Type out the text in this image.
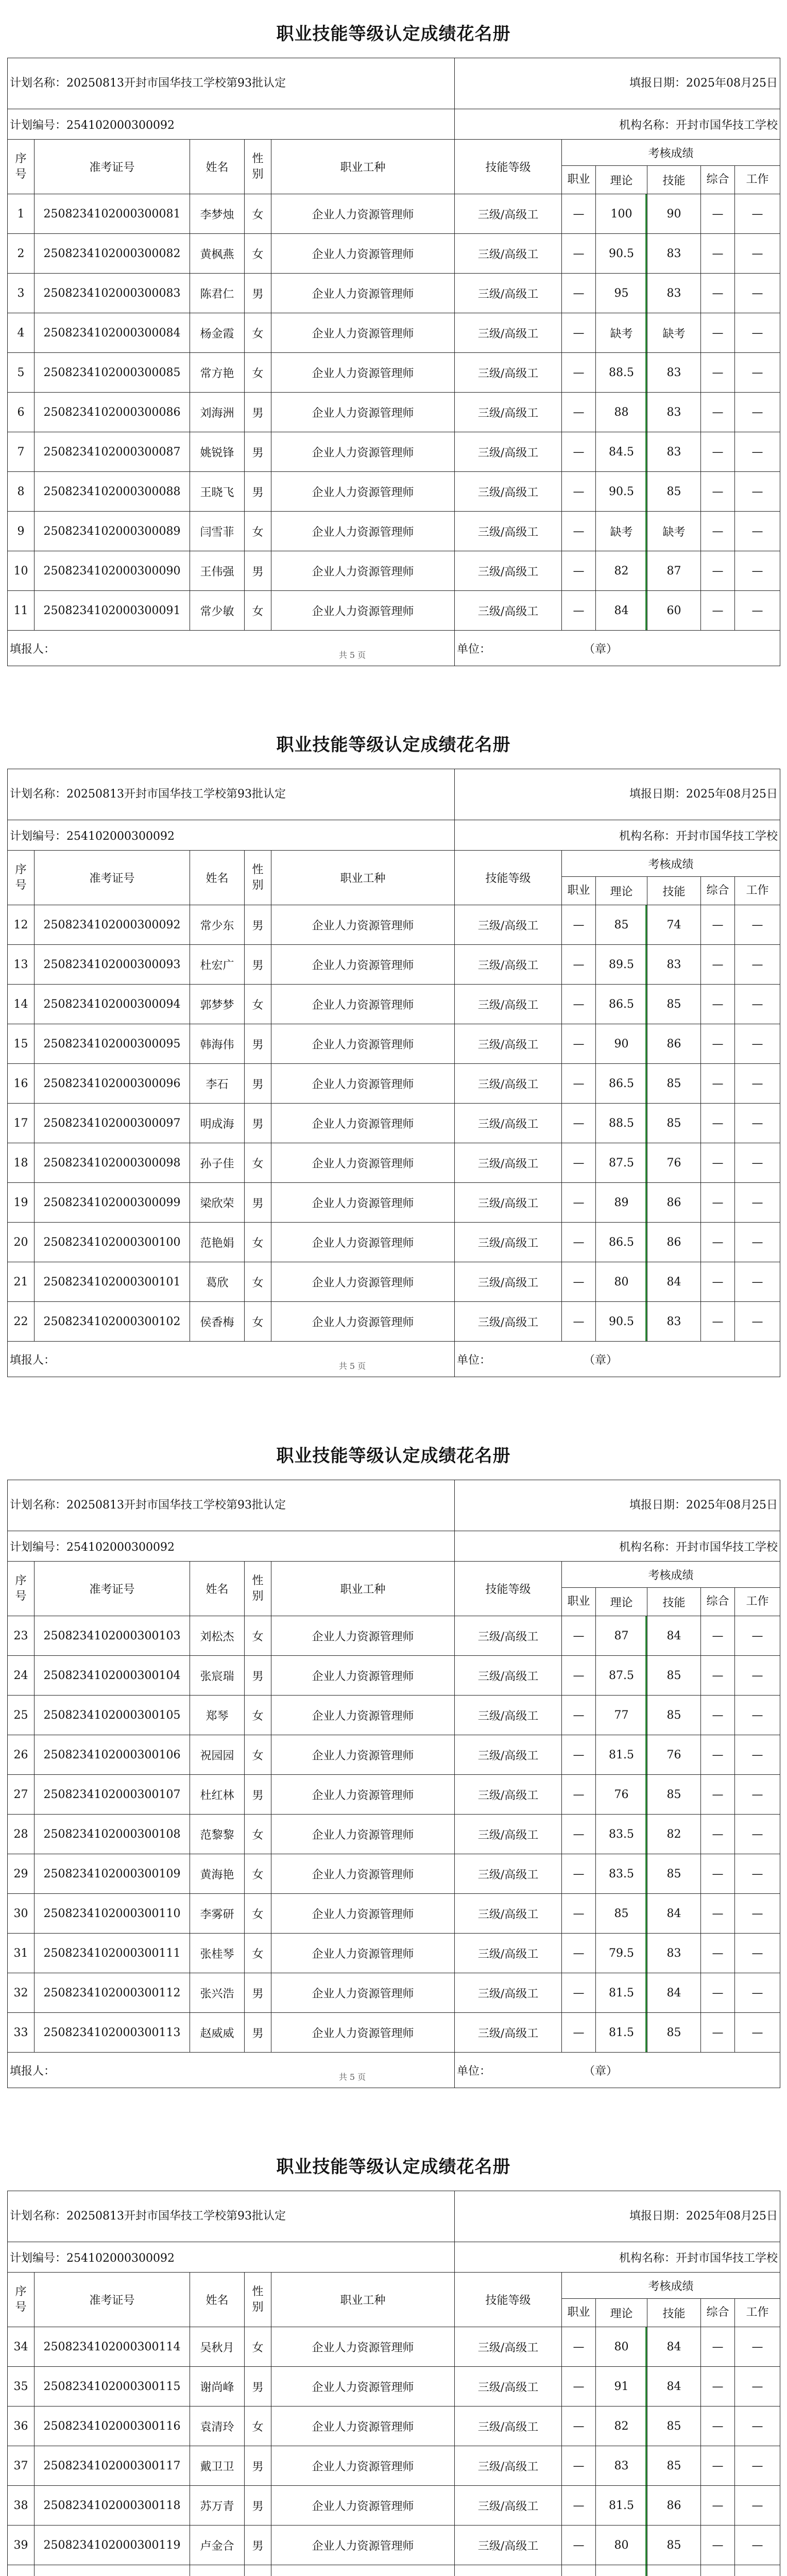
职业技能等级认定成绩花名册
计划名称：20250813开封市国华技工学校第93批认定					填报日期：2025年08月25日					
计划编号：254102000300092					机构名称：开封市国华技工学校					
序号	准考证号	姓名	性别	职业工种	技能等级	考核成绩				
						职业	理论	技能	综合	工作
1	2508234102000300081	李梦烛	女	企业人力资源管理师	三级/高级工	—	100	90	—	—
2	2508234102000300082	黄枫燕	女	企业人力资源管理师	三级/高级工	—	90.5	83	—	—
3	2508234102000300083	陈君仁	男	企业人力资源管理师	三级/高级工	—	95	83	—	—
4	2508234102000300084	杨金霞	女	企业人力资源管理师	三级/高级工	—	缺考	缺考	—	—
5	2508234102000300085	常方艳	女	企业人力资源管理师	三级/高级工	—	88.5	83	—	—
6	2508234102000300086	刘海洲	男	企业人力资源管理师	三级/高级工	—	88	83	—	—
7	2508234102000300087	姚锐锋	男	企业人力资源管理师	三级/高级工	—	84.5	83	—	—
8	2508234102000300088	王晓飞	男	企业人力资源管理师	三级/高级工	—	90.5	85	—	—
9	2508234102000300089	闫雪菲	女	企业人力资源管理师	三级/高级工	—	缺考	缺考	—	—
10	2508234102000300090	王伟强	男	企业人力资源管理师	三级/高级工	—	82	87	—	—
11	2508234102000300091	常少敏	女	企业人力资源管理师	三级/高级工	—	84	60	—	—
填报人：					单位： （章）					
共 5 页
职业技能等级认定成绩花名册
计划名称：20250813开封市国华技工学校第93批认定					填报日期：2025年08月25日					
计划编号：254102000300092					机构名称：开封市国华技工学校					
序号	准考证号	姓名	性别	职业工种	技能等级	考核成绩				
						职业	理论	技能	综合	工作
12	2508234102000300092	常少东	男	企业人力资源管理师	三级/高级工	—	85	74	—	—
13	2508234102000300093	杜宏广	男	企业人力资源管理师	三级/高级工	—	89.5	83	—	—
14	2508234102000300094	郭梦梦	女	企业人力资源管理师	三级/高级工	—	86.5	85	—	—
15	2508234102000300095	韩海伟	男	企业人力资源管理师	三级/高级工	—	90	86	—	—
16	2508234102000300096	李石	男	企业人力资源管理师	三级/高级工	—	86.5	85	—	—
17	2508234102000300097	明成海	男	企业人力资源管理师	三级/高级工	—	88.5	85	—	—
18	2508234102000300098	孙子佳	女	企业人力资源管理师	三级/高级工	—	87.5	76	—	—
19	2508234102000300099	梁欣荣	男	企业人力资源管理师	三级/高级工	—	89	86	—	—
20	2508234102000300100	范艳娟	女	企业人力资源管理师	三级/高级工	—	86.5	86	—	—
21	2508234102000300101	葛欣	女	企业人力资源管理师	三级/高级工	—	80	84	—	—
22	2508234102000300102	侯香梅	女	企业人力资源管理师	三级/高级工	—	90.5	83	—	—
填报人：					单位： （章）					
共 5 页
职业技能等级认定成绩花名册
计划名称：20250813开封市国华技工学校第93批认定					填报日期：2025年08月25日					
计划编号：254102000300092					机构名称：开封市国华技工学校					
序号	准考证号	姓名	性别	职业工种	技能等级	考核成绩				
						职业	理论	技能	综合	工作
23	2508234102000300103	刘松杰	女	企业人力资源管理师	三级/高级工	—	87	84	—	—
24	2508234102000300104	张宸瑞	男	企业人力资源管理师	三级/高级工	—	87.5	85	—	—
25	2508234102000300105	郑琴	女	企业人力资源管理师	三级/高级工	—	77	85	—	—
26	2508234102000300106	祝园园	女	企业人力资源管理师	三级/高级工	—	81.5	76	—	—
27	2508234102000300107	杜红林	男	企业人力资源管理师	三级/高级工	—	76	85	—	—
28	2508234102000300108	范黎黎	女	企业人力资源管理师	三级/高级工	—	83.5	82	—	—
29	2508234102000300109	黄海艳	女	企业人力资源管理师	三级/高级工	—	83.5	85	—	—
30	2508234102000300110	李雾研	女	企业人力资源管理师	三级/高级工	—	85	84	—	—
31	2508234102000300111	张桂琴	女	企业人力资源管理师	三级/高级工	—	79.5	83	—	—
32	2508234102000300112	张兴浩	男	企业人力资源管理师	三级/高级工	—	81.5	84	—	—
33	2508234102000300113	赵威威	男	企业人力资源管理师	三级/高级工	—	81.5	85	—	—
填报人：					单位： （章）					
共 5 页
职业技能等级认定成绩花名册
计划名称：20250813开封市国华技工学校第93批认定					填报日期：2025年08月25日					
计划编号：254102000300092					机构名称：开封市国华技工学校					
序号	准考证号	姓名	性别	职业工种	技能等级	考核成绩				
						职业	理论	技能	综合	工作
34	2508234102000300114	吴秋月	女	企业人力资源管理师	三级/高级工	—	80	84	—	—
35	2508234102000300115	谢尚峰	男	企业人力资源管理师	三级/高级工	—	91	84	—	—
36	2508234102000300116	袁清玲	女	企业人力资源管理师	三级/高级工	—	82	85	—	—
37	2508234102000300117	戴卫卫	男	企业人力资源管理师	三级/高级工	—	83	85	—	—
38	2508234102000300118	苏万青	男	企业人力资源管理师	三级/高级工	—	81.5	86	—	—
39	2508234102000300119	卢金合	男	企业人力资源管理师	三级/高级工	—	80	85	—	—
